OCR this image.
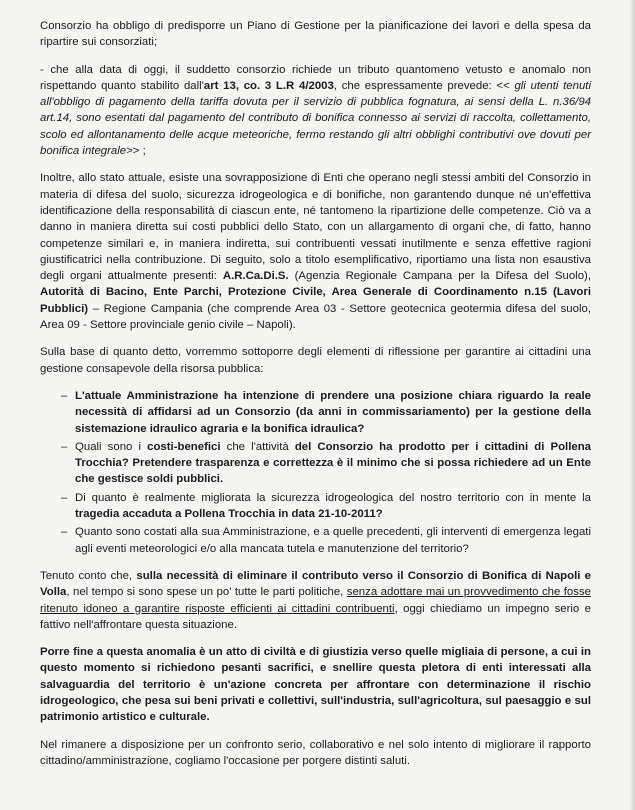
Consorzio ha obbligo di predisporre un Piano di Gestione per la pianificazione dei lavori e della spesa da ripartire sui consorziati;

- che alla data di oggi, il suddetto consorzio richiede un tributo quantomeno vetusto e anomalo non rispettando quanto stabilito dall'art 13, co. 3 L.R 4/2003, che espressamente prevede: << gli utenti tenuti all'obbligo di pagamento della tariffa dovuta per il servizio di pubblica fognatura, ai sensi della L. n.36/94 art.14, sono esentati dal pagamento del contributo di bonifica connesso ai servizi di raccolta, collettamento, scolo ed allontanamento delle acque meteoriche, fermo restando gli altri obblighi contributivi ove dovuti per bonifica integrale>> ;

Inoltre, allo stato attuale, esiste una sovrapposizione di Enti che operano negli stessi ambiti del Consorzio in materia di difesa del suolo, sicurezza idrogeologica e di bonifiche, non garantendo dunque né un'effettiva identificazione della responsabilità di ciascun ente, né tantomeno la ripartizione delle competenze. Ciò va a danno in maniera diretta sui costi pubblici dello Stato, con un allargamento di organi che, di fatto, hanno competenze similari e, in maniera indiretta, sui contribuenti vessati inutilmente e senza effettive ragioni giustificatrici nella contribuzione. Di seguito, solo a titolo esemplificativo, riportiamo una lista non esaustiva degli organi attualmente presenti: A.R.Ca.Di.S. (Agenzia Regionale Campana per la Difesa del Suolo), Autorità di Bacino, Ente Parchi, Protezione Civile, Area Generale di Coordinamento n.15 (Lavori Pubblici) – Regione Campania (che comprende Area 03 - Settore geotecnica geotermia difesa del suolo, Area 09 - Settore provinciale genio civile – Napoli).

Sulla base di quanto detto, vorremmo sottoporre degli elementi di riflessione per garantire ai cittadini una gestione consapevole della risorsa pubblica:

– L'attuale Amministrazione ha intenzione di prendere una posizione chiara riguardo la reale necessità di affidarsi ad un Consorzio (da anni in commissariamento) per la gestione della sistemazione idraulico agraria e la bonifica idraulica?
– Quali sono i costi-benefici che l'attività del Consorzio ha prodotto per i cittadini di Pollena Trocchia? Pretendere trasparenza e correttezza è il minimo che si possa richiedere ad un Ente che gestisce soldi pubblici.
– Di quanto è realmente migliorata la sicurezza idrogeologica del nostro territorio con in mente la tragedia accaduta a Pollena Trocchia in data 21-10-2011?
– Quanto sono costati alla sua Amministrazione, e a quelle precedenti, gli interventi di emergenza legati agli eventi meteorologici e/o alla mancata tutela e manutenzione del territorio?

Tenuto conto che, sulla necessità di eliminare il contributo verso il Consorzio di Bonifica di Napoli e Volla, nel tempo si sono spese un po' tutte le parti politiche, senza adottare mai un provvedimento che fosse ritenuto idoneo a garantire risposte efficienti ai cittadini contribuenti, oggi chiediamo un impegno serio e fattivo nell'affrontare questa situazione.

Porre fine a questa anomalia è un atto di civiltà e di giustizia verso quelle migliaia di persone, a cui in questo momento si richiedono pesanti sacrifici, e snellire questa pletora di enti interessati alla salvaguardia del territorio è un'azione concreta per affrontare con determinazione il rischio idrogeologico, che pesa sui beni privati e collettivi, sull'industria, sull'agricoltura, sul paesaggio e sul patrimonio artistico e culturale.

Nel rimanere a disposizione per un confronto serio, collaborativo e nel solo intento di migliorare il rapporto cittadino/amministrazione, cogliamo l'occasione per porgere distinti saluti.
